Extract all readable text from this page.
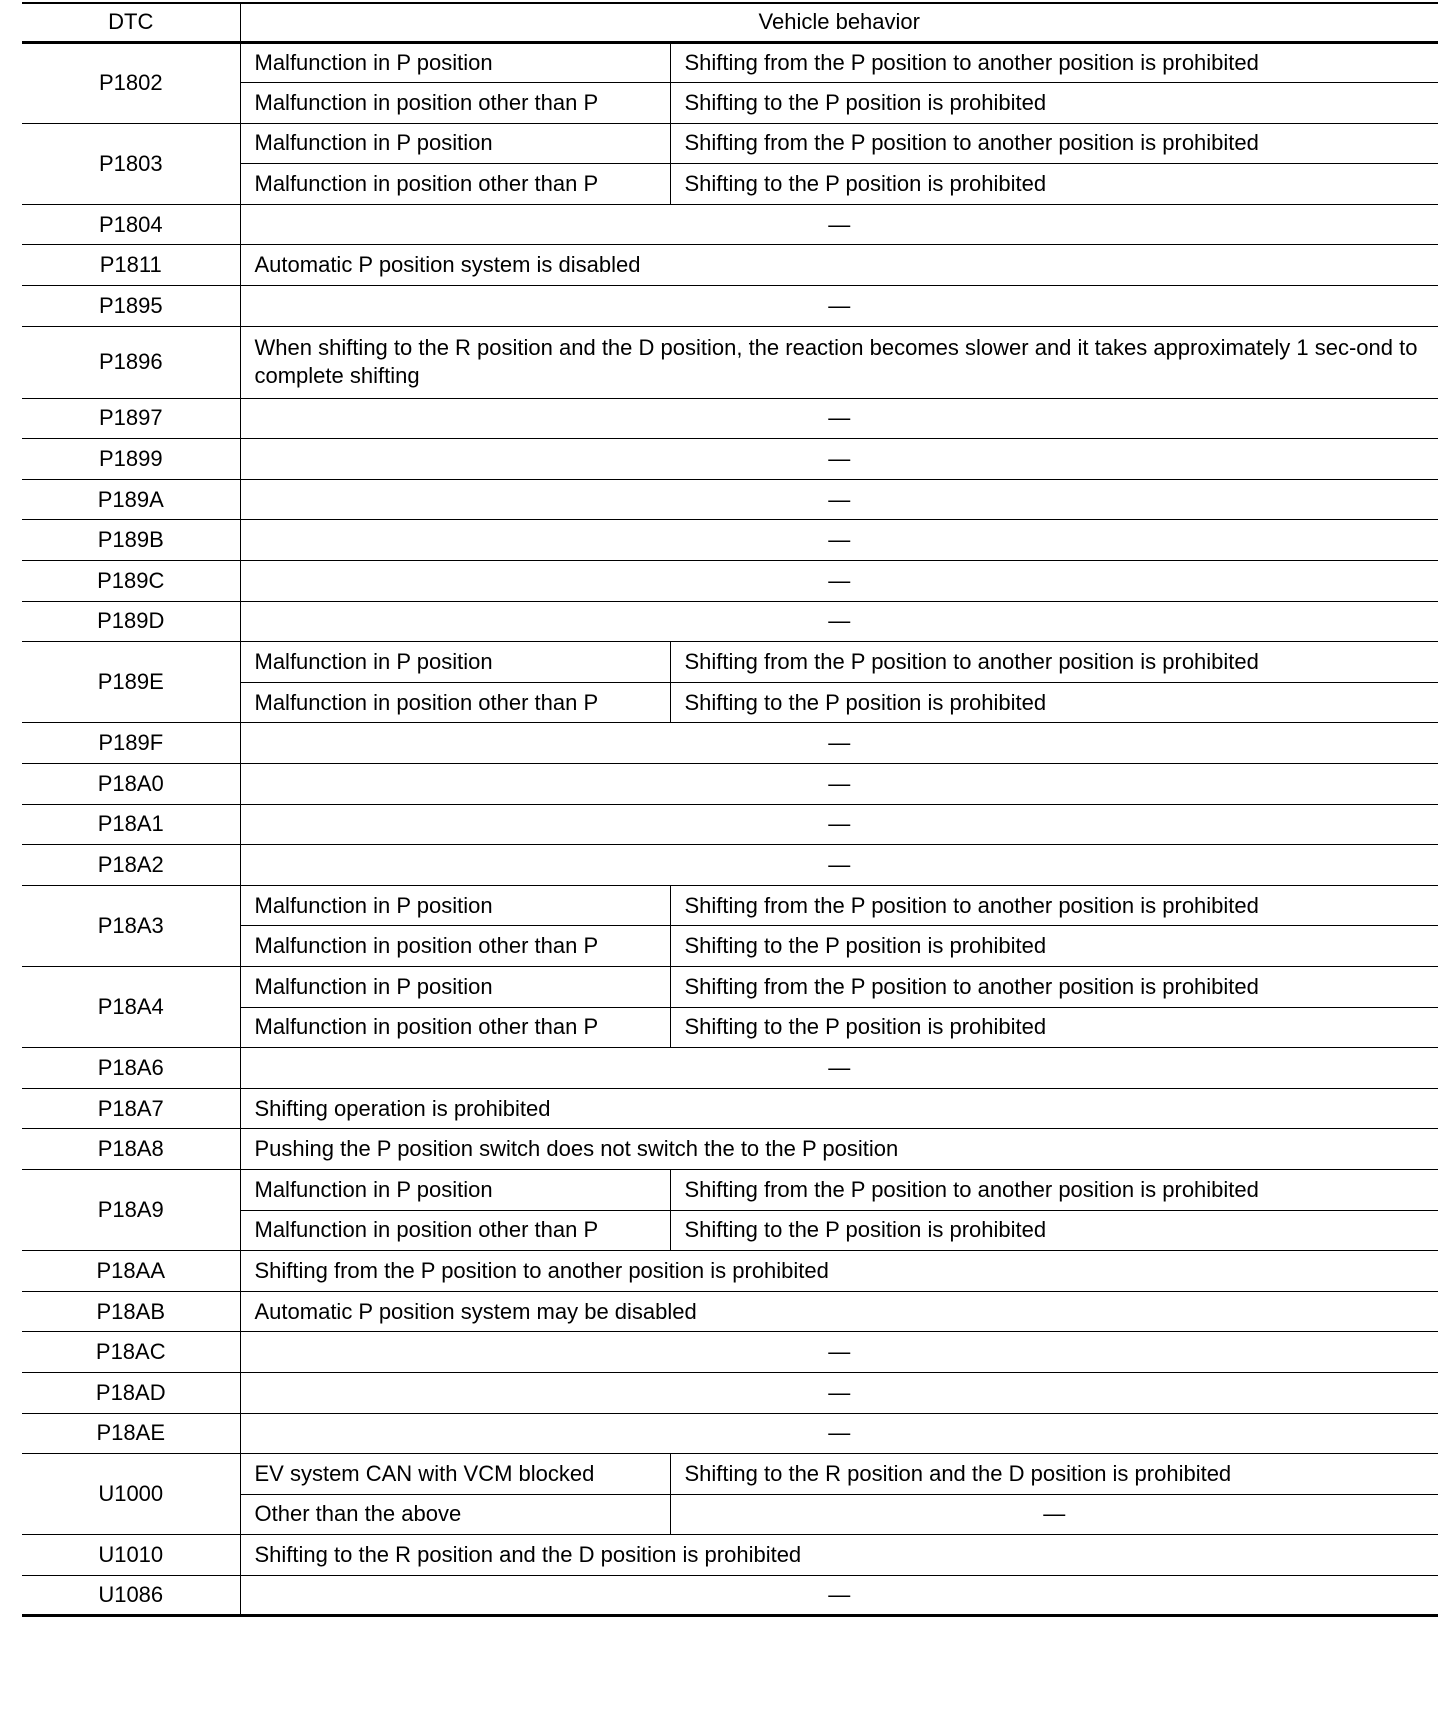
DTC	Vehicle behavior	
P1802	Malfunction in P position	Shifting from the P position to another position is prohibited
	Malfunction in position other than P	Shifting to the P position is prohibited
P1803	Malfunction in P position	Shifting from the P position to another position is prohibited
	Malfunction in position other than P	Shifting to the P position is prohibited
P1804	—	
P1811	Automatic P position system is disabled	
P1895	—	
P1896	When shifting to the R position and the D position, the reaction becomes slower and it takes approximately 1 sec-ond to complete shifting	
P1897	—	
P1899	—	
P189A	—	
P189B	—	
P189C	—	
P189D	—	
P189E	Malfunction in P position	Shifting from the P position to another position is prohibited
	Malfunction in position other than P	Shifting to the P position is prohibited
P189F	—	
P18A0	—	
P18A1	—	
P18A2	—	
P18A3	Malfunction in P position	Shifting from the P position to another position is prohibited
	Malfunction in position other than P	Shifting to the P position is prohibited
P18A4	Malfunction in P position	Shifting from the P position to another position is prohibited
	Malfunction in position other than P	Shifting to the P position is prohibited
P18A6	—	
P18A7	Shifting operation is prohibited	
P18A8	Pushing the P position switch does not switch the to the P position	
P18A9	Malfunction in P position	Shifting from the P position to another position is prohibited
	Malfunction in position other than P	Shifting to the P position is prohibited
P18AA	Shifting from the P position to another position is prohibited	
P18AB	Automatic P position system may be disabled	
P18AC	—	
P18AD	—	
P18AE	—	
U1000	EV system CAN with VCM blocked	Shifting to the R position and the D position is prohibited
	Other than the above	—
U1010	Shifting to the R position and the D position is prohibited	
U1086	—	
